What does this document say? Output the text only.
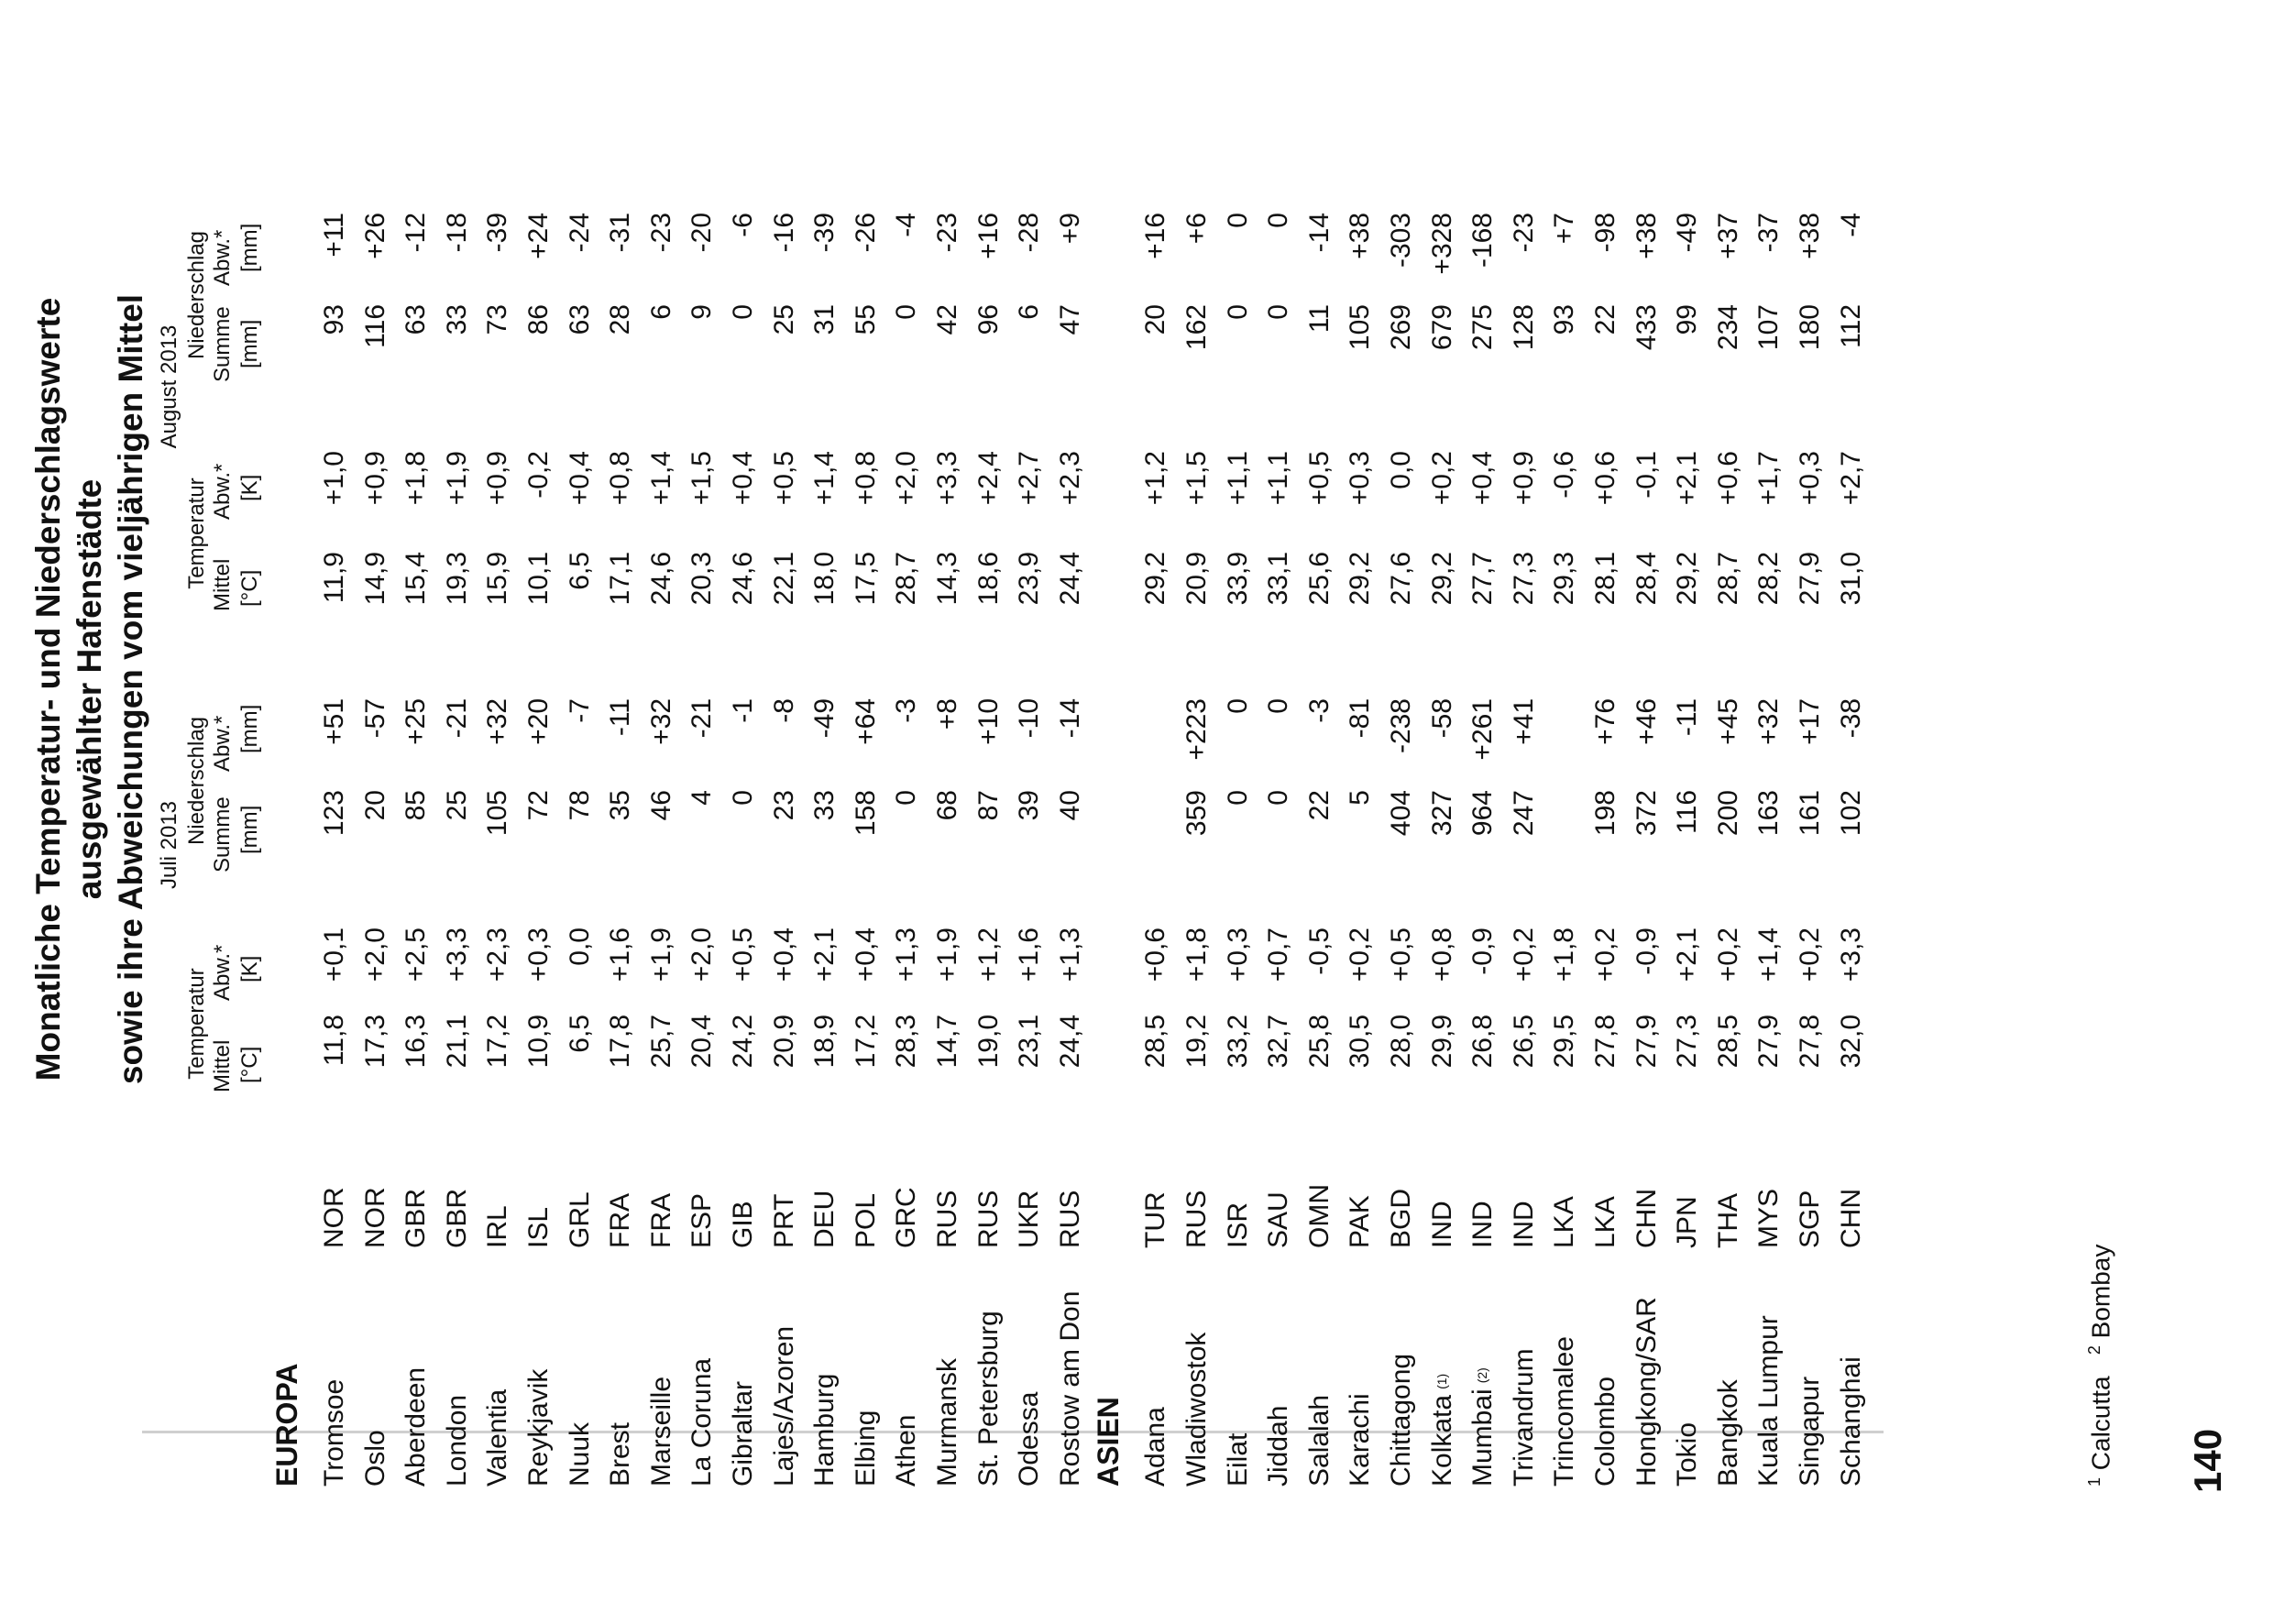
Monatliche Temperatur- und Niederschlagswerte ausgewählter Hafenstädte sowie ihre Abweichungen vom vieljährigen Mittel Juli 2013
Temperatur
Niederschlag
Mittel
Abw.*
Summe
Abw.*
[°C]
[K]
[mm]
[mm]
August 2013
Temperatur
Niederschlag
Mittel
Abw.*
Summe
Abw.*
[°C]
[K]
[mm]
[mm]
EUROPA Tromsoe
NOR
11,8
+0,1
123
+51
11,9
+1,0
93
+11
Oslo
NOR
17,3
+2,0
20
-57
14,9
+0,9
116
+26
Aberdeen
GBR
16,3
+2,5
85
+25
15,4
+1,8
63
-12
London
GBR
21,1
+3,3
25
-21
19,3
+1,9
33
-18
Valentia
IRL
17,2
+2,3
105
+32
15,9
+0,9
73
-39
Reykjavik
ISL
10,9
+0,3
72
+20
10,1
-0,2
86
+24
Nuuk
GRL
6,5
0,0
78
-7
6,5
+0,4
63
-24
Brest
FRA
17,8
+1,6
35
-11
17,1
+0,8
28
-31
Marseille
FRA
25,7
+1,9
46
+32
24,6
+1,4
6
-23
La Coruna
ESP
20,4
+2,0
4
-21
20,3
+1,5
9
-20
Gibraltar
GIB
24,2
+0,5
0
-1
24,6
+0,4
0
-6
Lajes/Azoren
PRT
20,9
+0,4
23
-8
22,1
+0,5
25
-16
Hamburg
DEU
18,9
+2,1
33
-49
18,0
+1,4
31
-39
Elbing
POL
17,2
+0,4
158
+64
17,5
+0,8
55
-26
Athen
GRC
28,3
+1,3
0
-3
28,7
+2,0
0
-4
Murmansk
RUS
14,7
+1,9
68
+8
14,3
+3,3
42
-23
St. Petersburg
RUS
19,0
+1,2
87
+10
18,6
+2,4
96
+16
Odessa
UKR
23,1
+1,6
39
-10
23,9
+2,7
6
-28
Rostow am Don
RUS
24,4
+1,3
40
-14
24,4
+2,3
47
+9
ASIEN Adana
TUR
28,5
+0,6
29,2
+1,2
20
+16
Wladiwostok
RUS
19,2
+1,8
359
+223
20,9
+1,5
162
+6
Eilat
ISR
33,2
+0,3
0
0
33,9
+1,1
0
0
Jiddah
SAU
32,7
+0,7
0
0
33,1
+1,1
0
0
Salalah
OMN
25,8
-0,5
22
-3
25,6
+0,5
11
-14
Karachi
PAK
30,5
+0,2
5
-81
29,2
+0,3
105
+38
Chittagong
BGD
28,0
+0,5
404
-238
27,6
0,0
269
-303
Kolkata$^{(1)}$
IND
29,9
+0,8
327
-58
29,2
+0,2
679
+328
Mumbai$^{(2)}$
IND
26,8
-0,9
964
+261
27,7
+0,4
275
-168
Trivandrum
IND
26,5
+0,2
247
+41
27,3
+0,9
128
-23
Trincomalee
LKA
29,5
+1,8
29,3
-0,6
93
+7
Colombo
LKA
27,8
+0,2
198
+76
28,1
+0,6
22
-98
Hongkong/SAR
CHN
27,9
-0,9
372
+46
28,4
-0,1
433
+38
Tokio
JPN
27,3
+2,1
116
-11
29,2
+2,1
99
-49
Bangkok
THA
28,5
+0,2
200
+45
28,7
+0,6
234
+37
Kuala Lumpur
MYS
27,9
+1,4
163
+32
28,2
+1,7
107
-37
Singapur
SGP
27,8
+0,2
161
+17
27,9
+0,3
180
+38
Schanghai
CHN
32,0
+3,3
102
-38
31,0
+2,7
112
-4
$^1$ Calcutta   $^2$ Bombay
140
